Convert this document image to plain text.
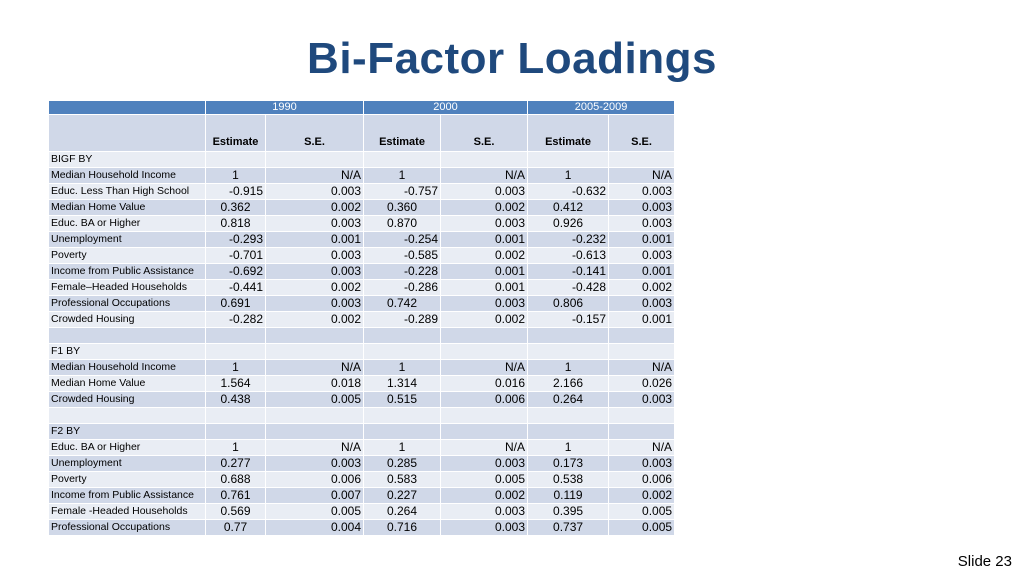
Bi-Factor Loadings
	1990		2000		2005-2009	
	Estimate	S.E.	Estimate	S.E.	Estimate	S.E.
BIGF BY						
Median Household Income	1	N/A	1	N/A	1	N/A
Educ. Less Than High School	-0.915	0.003	-0.757	0.003	-0.632	0.003
Median Home Value	0.362	0.002	0.360	0.002	0.412	0.003
Educ. BA or Higher	0.818	0.003	0.870	0.003	0.926	0.003
Unemployment	-0.293	0.001	-0.254	0.001	-0.232	0.001
Poverty	-0.701	0.003	-0.585	0.002	-0.613	0.003
Income from Public Assistance	-0.692	0.003	-0.228	0.001	-0.141	0.001
Female–Headed Households	-0.441	0.002	-0.286	0.001	-0.428	0.002
Professional Occupations	0.691	0.003	0.742	0.003	0.806	0.003
Crowded Housing	-0.282	0.002	-0.289	0.002	-0.157	0.001

F1 BY						
Median Household Income	1	N/A	1	N/A	1	N/A
Median Home Value	1.564	0.018	1.314	0.016	2.166	0.026
Crowded Housing	0.438	0.005	0.515	0.006	0.264	0.003

F2 BY						
Educ. BA or Higher	1	N/A	1	N/A	1	N/A
Unemployment	0.277	0.003	0.285	0.003	0.173	0.003
Poverty	0.688	0.006	0.583	0.005	0.538	0.006
Income from Public Assistance	0.761	0.007	0.227	0.002	0.119	0.002
Female -Headed Households	0.569	0.005	0.264	0.003	0.395	0.005
Professional Occupations	0.77	0.004	0.716	0.003	0.737	0.005
Slide 23
